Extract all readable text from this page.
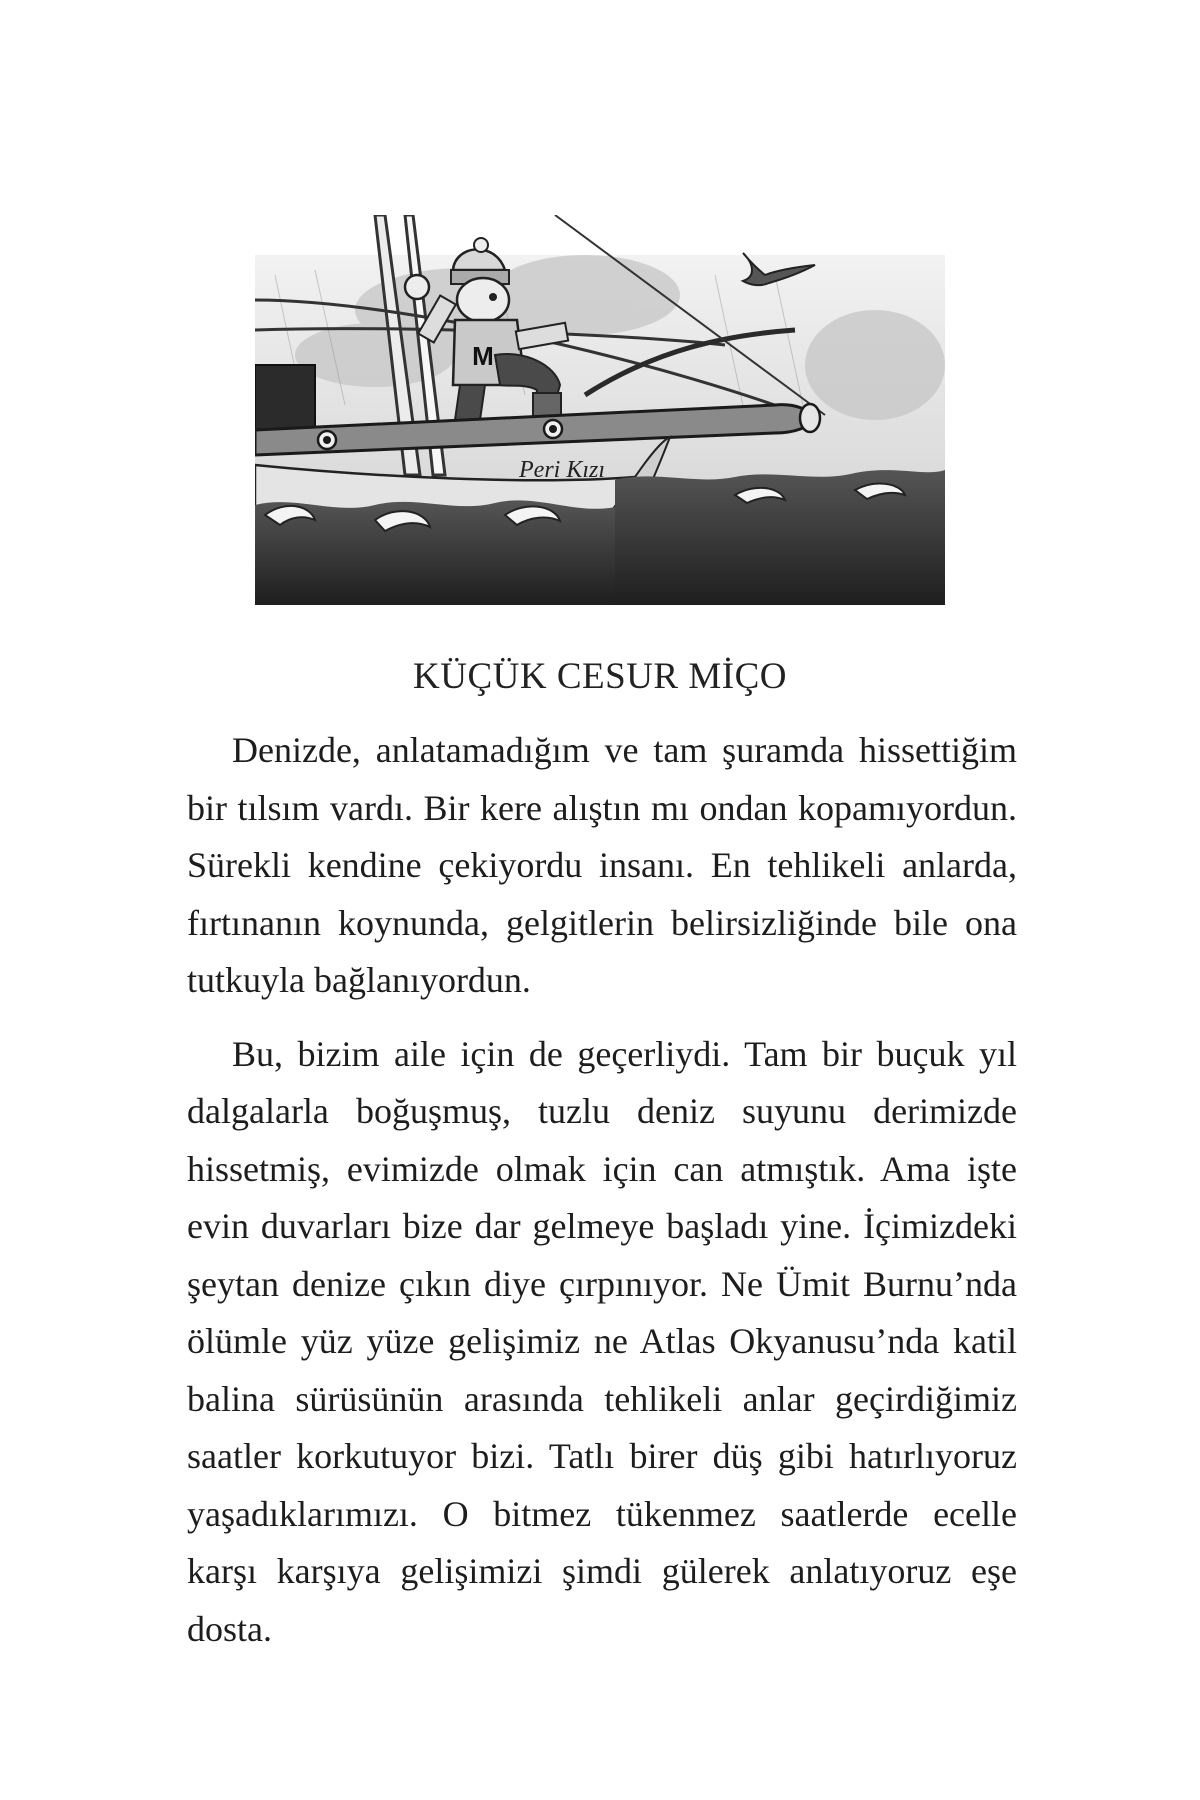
M
Peri Kızı
KÜÇÜK CESUR MİÇO

Denizde, anlatamadığım ve tam şuramda hissettiğim bir tılsım vardı. Bir kere alıştın mı ondan kopamıyordun. Sürekli kendine çekiyordu insanı. En tehlikeli anlarda, fırtınanın koynunda, gelgitlerin belirsizliğinde bile ona tutkuyla bağlanıyordun.

Bu, bizim aile için de geçerliydi. Tam bir buçuk yıl dalgalarla boğuşmuş, tuzlu deniz suyunu derimizde hissetmiş, evimizde olmak için can atmıştık. Ama işte evin duvarları bize dar gelmeye başladı yine. İçimizdeki şeytan denize çıkın diye çırpınıyor. Ne Ümit Burnu’nda ölümle yüz yüze gelişimiz ne Atlas Okyanusu’nda katil balina sürüsünün arasında tehlikeli anlar geçirdiğimiz saatler korkutuyor bizi. Tatlı birer düş gibi hatırlıyoruz yaşadıklarımızı. O bitmez tükenmez saatlerde ecelle karşı karşıya gelişimizi şimdi gülerek anlatıyoruz eşe dosta.
